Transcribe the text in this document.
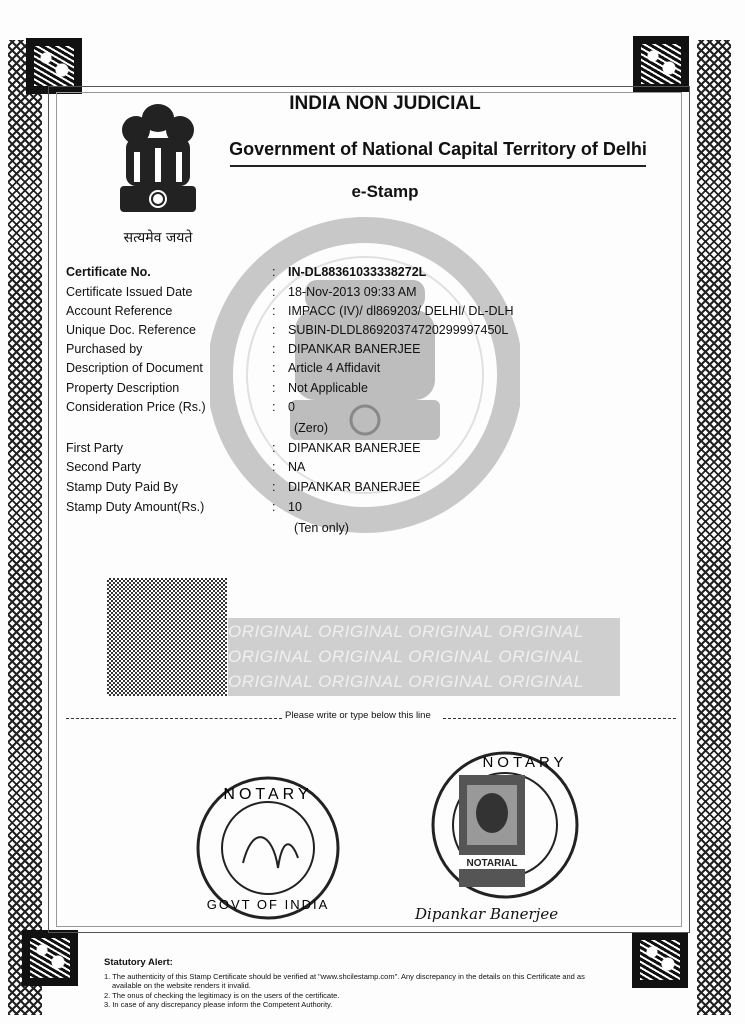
सत्यमेव जयते
INDIA NON JUDICIAL
Government of National Capital Territory of Delhi
e-Stamp
Certificate No.	: IN-DL88361033338272L
Certificate Issued Date	: 18-Nov-2013 09:33 AM
Account Reference	: IMPACC (IV)/ dl869203/ DELHI/ DL-DLH
Unique Doc. Reference	: SUBIN-DLDL86920374720299997450L
Purchased by	: DIPANKAR BANERJEE
Description of Document	: Article 4 Affidavit
Property Description	: Not Applicable
Consideration Price (Rs.)	: 0
(Zero)
First Party	: DIPANKAR BANERJEE
Second Party	: NA
Stamp Duty Paid By	: DIPANKAR BANERJEE
Stamp Duty Amount(Rs.)	: 10
(Ten only)
ORIGINAL ORIGINAL ORIGINAL ORIGINAL
ORIGINAL ORIGINAL ORIGINAL ORIGINAL
ORIGINAL ORIGINAL ORIGINAL ORIGINAL
Please write or type below this line
NOTARY
GOVT OF INDIA
NOTARIAL
NOTARY
Dipankar Banerjee
Statutory Alert:
1. The authenticity of this Stamp Certificate should be verified at "www.shcilestamp.com". Any discrepancy in the details on this Certificate and as
available on the website renders it invalid.
2. The onus of checking the legitimacy is on the users of the certificate.
3. In case of any discrepancy please inform the Competent Authority.
